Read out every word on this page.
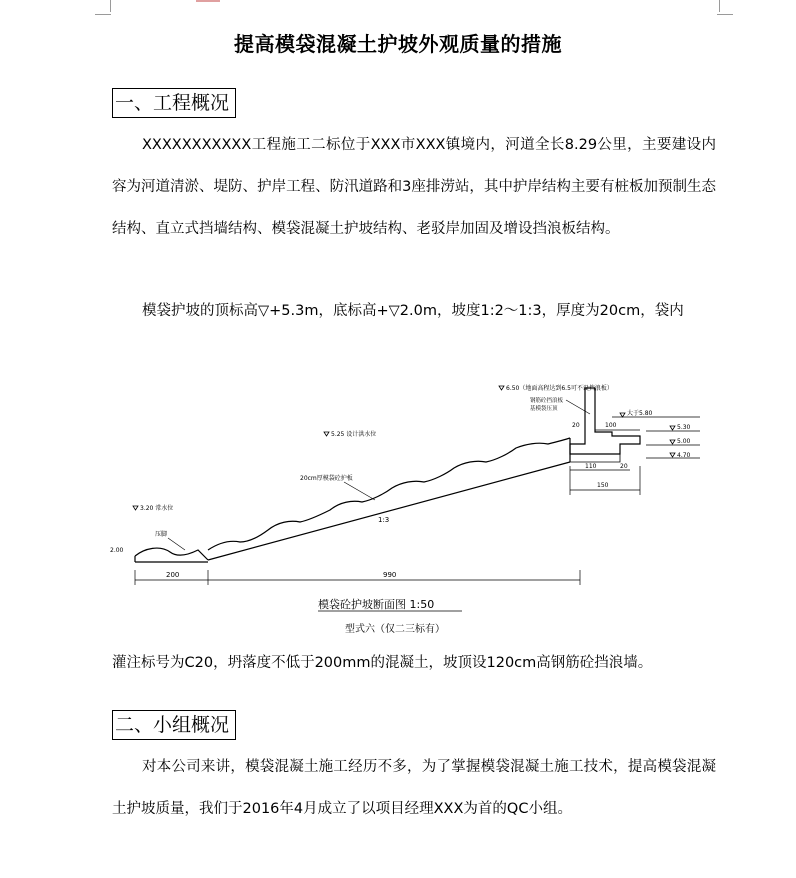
提高模袋混凝土护坡外观质量的措施
一、工程概况
XXXXXXXXXXX工程施工二标位于XXX市XXX镇境内，河道全长8.29公里，主要建设内容为河道清淤、堤防、护岸工程、防汛道路和3座排涝站，其中护岸结构主要有桩板加预制生态结构、直立式挡墙结构、模袋混凝土护坡结构、老驳岸加固及增设挡浪板结构。
模袋护坡的顶标高▽+5.3m，底标高+▽2.0m，坡度1:2～1:3，厚度为20cm，袋内
6.50（地面高程达到6.5可不设挡浪板）
大于5.80
5.30
5.00
4.70
钢筋砼挡浪板
基模袋压顶
5.25 设计洪水位
20cm厚模袋砼护板
1:3
3.20 常水位
压脚
2.00
200	990
100
20
110	20
150
模袋砼护坡断面图 1:50
型式六（仅二三标有）
灌注标号为C20，坍落度不低于200mm的混凝土，坡顶设120cm高钢筋砼挡浪墙。
二、小组概况
对本公司来讲，模袋混凝土施工经历不多，为了掌握模袋混凝土施工技术，提高模袋混凝土护坡质量，我们于2016年4月成立了以项目经理XXX为首的QC小组。
